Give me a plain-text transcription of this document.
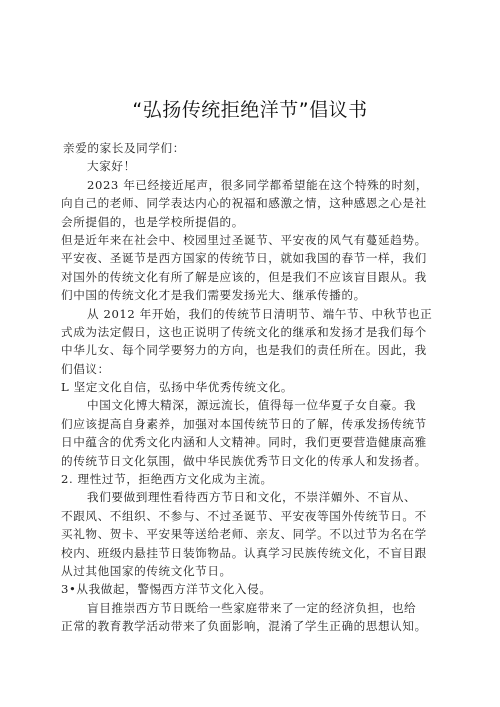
“弘扬传统拒绝洋节”倡议书
亲爱的家长及同学们：
大家好！
2023 年已经接近尾声，很多同学都希望能在这个特殊的时刻，
向自己的老师、同学表达内心的祝福和感激之情，这种感恩之心是社
会所提倡的，也是学校所提倡的。
但是近年来在社会中、校园里过圣诞节、平安夜的风气有蔓延趋势。
平安夜、圣诞节是西方国家的传统节日，就如我国的春节一样，我们
对国外的传统文化有所了解是应该的，但是我们不应该盲目跟从。我
们中国的传统文化才是我们需要发扬光大、继承传播的。
从 2012 年开始，我们的传统节日清明节、端午节、中秋节也正
式成为法定假日，这也正说明了传统文化的继承和发扬才是我们每个
中华儿女、每个同学要努力的方向，也是我们的责任所在。因此，我
们倡议：
L 坚定文化自信，弘扬中华优秀传统文化。
中国文化博大精深，源远流长，值得每一位华夏子女自豪。我
们应该提高自身素养，加强对本国传统节日的了解，传承发扬传统节
日中蕴含的优秀文化内涵和人文精神。同时，我们更要营造健康高雅
的传统节日文化氛围，做中华民族优秀节日文化的传承人和发扬者。
2. 理性过节，拒绝西方文化成为主流。
我们要做到理性看待西方节日和文化，不崇洋媚外、不盲从、
不跟风、不组织、不参与、不过圣诞节、平安夜等国外传统节日。不
买礼物、贺卡、平安果等送给老师、亲友、同学。不以过节为名在学
校内、班级内悬挂节日装饰物品。认真学习民族传统文化，不盲目跟
从过其他国家的传统文化节日。
3•从我做起，警惕西方洋节文化入侵。
盲目推崇西方节日既给一些家庭带来了一定的经济负担，也给
正常的教育教学活动带来了负面影响，混淆了学生正确的思想认知。
